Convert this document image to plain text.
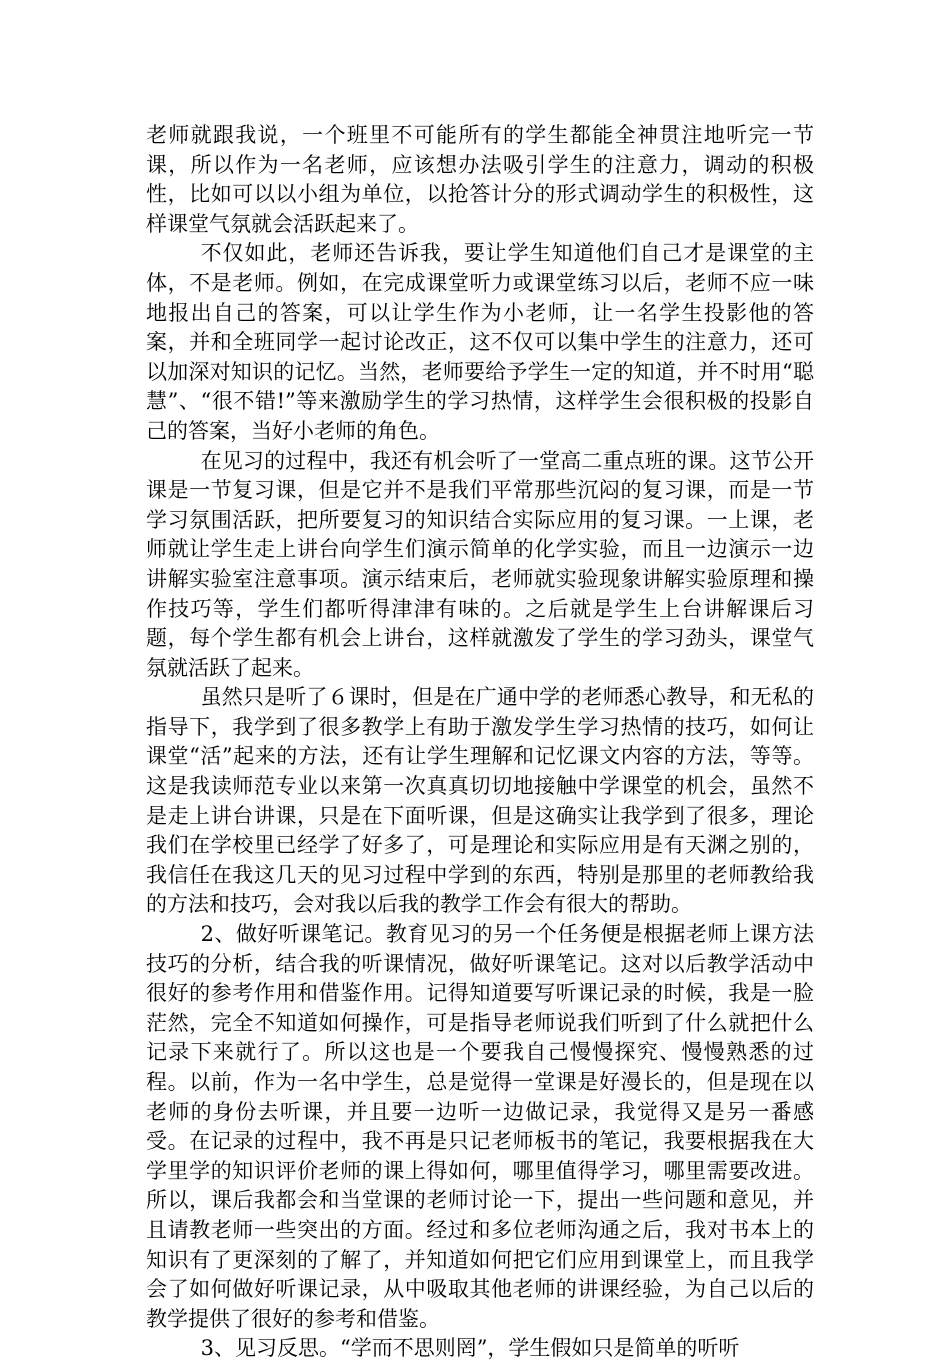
老师就跟我说，一个班里不可能所有的学生都能全神贯注地听完一节课，所以作为一名老师，应该想办法吸引学生的注意力，调动的积极性，比如可以以小组为单位，以抢答计分的形式调动学生的积极性，这样课堂气氛就会活跃起来了。

不仅如此，老师还告诉我，要让学生知道他们自己才是课堂的主体，不是老师。例如，在完成课堂听力或课堂练习以后，老师不应一味地报出自己的答案，可以让学生作为小老师，让一名学生投影他的答案，并和全班同学一起讨论改正，这不仅可以集中学生的注意力，还可以加深对知识的记忆。当然，老师要给予学生一定的知道，并不时用“聪慧”、“很不错!”等来激励学生的学习热情，这样学生会很积极的投影自己的答案，当好小老师的角色。

在见习的过程中，我还有机会听了一堂高二重点班的课。这节公开课是一节复习课，但是它并不是我们平常那些沉闷的复习课，而是一节学习氛围活跃，把所要复习的知识结合实际应用的复习课。一上课，老师就让学生走上讲台向学生们演示简单的化学实验，而且一边演示一边讲解实验室注意事项。演示结束后，老师就实验现象讲解实验原理和操作技巧等，学生们都听得津津有味的。之后就是学生上台讲解课后习题，每个学生都有机会上讲台，这样就激发了学生的学习劲头，课堂气氛就活跃了起来。

虽然只是听了６课时，但是在广通中学的老师悉心教导，和无私的指导下，我学到了很多教学上有助于激发学生学习热情的技巧，如何让课堂“活”起来的方法，还有让学生理解和记忆课文内容的方法，等等。这是我读师范专业以来第一次真真切切地接触中学课堂的机会，虽然不是走上讲台讲课，只是在下面听课，但是这确实让我学到了很多，理论我们在学校里已经学了好多了，可是理论和实际应用是有天渊之别的，我信任在我这几天的见习过程中学到的东西，特别是那里的老师教给我的方法和技巧，会对我以后我的教学工作会有很大的帮助。

2、做好听课笔记。教育见习的另一个任务便是根据老师上课方法技巧的分析，结合我的听课情况，做好听课笔记。这对以后教学活动中很好的参考作用和借鉴作用。记得知道要写听课记录的时候，我是一脸茫然，完全不知道如何操作，可是指导老师说我们听到了什么就把什么记录下来就行了。所以这也是一个要我自己慢慢探究、慢慢熟悉的过程。以前，作为一名中学生，总是觉得一堂课是好漫长的，但是现在以老师的身份去听课，并且要一边听一边做记录，我觉得又是另一番感受。在记录的过程中，我不再是只记老师板书的笔记，我要根据我在大学里学的知识评价老师的课上得如何，哪里值得学习，哪里需要改进。所以，课后我都会和当堂课的老师讨论一下，提出一些问题和意见，并且请教老师一些突出的方面。经过和多位老师沟通之后，我对书本上的知识有了更深刻的了解了，并知道如何把它们应用到课堂上，而且我学会了如何做好听课记录，从中吸取其他老师的讲课经验，为自己以后的教学提供了很好的参考和借鉴。

3、见习反思。“学而不思则罔”，学生假如只是简单的听听
